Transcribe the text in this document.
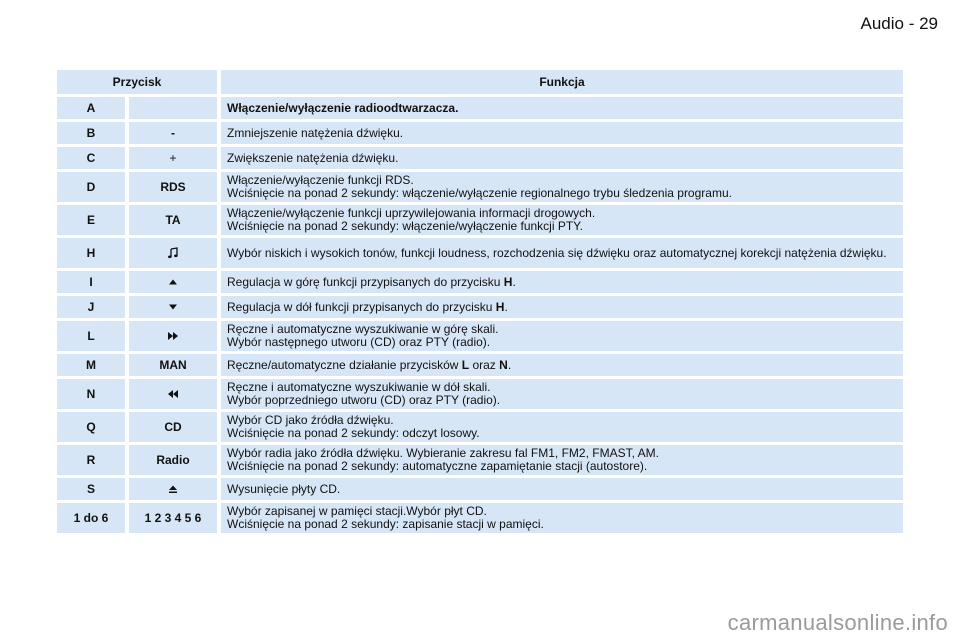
Audio - 29
Przycisk		Funkcja
A		Włączenie/wyłączenie radioodtwarzacza.
B	-	Zmniejszenie natężenia dźwięku.
C	+	Zwiększenie natężenia dźwięku.
D	RDS	Włączenie/wyłączenie funkcji RDS.
Wciśnięcie na ponad 2 sekundy: włączenie/wyłączenie regionalnego trybu śledzenia programu.

E	TA	Włączenie/wyłączenie funkcji uprzywilejowania informacji drogowych.
Wciśnięcie na ponad 2 sekundy: włączenie/wyłączenie funkcji PTY.

H		Wybór niskich i wysokich tonów, funkcji loudness, rozchodzenia się dźwięku oraz automatycznej korekcji natężenia dźwięku.
I		Regulacja w górę funkcji przypisanych do przycisku H.
J		Regulacja w dół funkcji przypisanych do przycisku H.
L		Ręczne i automatyczne wyszukiwanie w górę skali.
Wybór następnego utworu (CD) oraz PTY (radio).

M	MAN	Ręczne/automatyczne działanie przycisków L oraz N.
N		Ręczne i automatyczne wyszukiwanie w dół skali.
Wybór poprzedniego utworu (CD) oraz PTY (radio).

Q	CD	Wybór CD jako źródła dźwięku.
Wciśnięcie na ponad 2 sekundy: odczyt losowy.

R	Radio	Wybór radia jako źródła dźwięku. Wybieranie zakresu fal FM1, FM2, FMAST, AM.
Wciśnięcie na ponad 2 sekundy: automatyczne zapamiętanie stacji (autostore).

S		Wysunięcie płyty CD.
1 do 6	1 2 3 4 5 6	Wybór zapisanej w pamięci stacji.Wybór płyt CD.
Wciśnięcie na ponad 2 sekundy: zapisanie stacji w pamięci.
carmanualsonline.info
